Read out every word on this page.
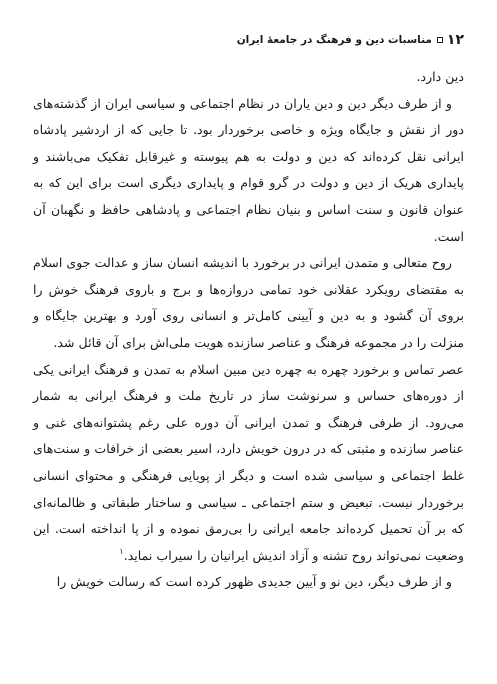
۱۲
مناسبات دین و فرهنگ در جامعهٔ ایران

دین دارد.

و از طرف دیگر دین و دین یاران در نظام اجتماعی و سیاسی ایران از گذشته‌های دور از نقش و جایگاه ویژه و خاصی برخوردار بود. تا جایی که از اردشیر پادشاه ایرانی نقل کرده‌اند که دین و دولت به هم پیوسته و غیرقابل تفکیک می‌باشند و پایداری هریک از دین و دولت در گرو قوام و پایداری دیگری است برای این که به عنوان قانون و سنت اساس و بنیان نظام اجتماعی و پادشاهی حافظ و نگهبان آن است.

روح متعالی و متمدن ایرانی در برخورد با اندیشه انسان ساز و عدالت جوی اسلام به مقتضای رویکرد عقلانی خود تمامی دروازه‌ها و برج و باروی فرهنگ خوش را بروی آن گشود و به دین و آیینی کامل‌تر و انسانی روی آورد و بهترین جایگاه و منزلت را در مجموعه فرهنگ و عناصر سازنده هویت ملی‌اش برای آن قائل شد.

عصر تماس و برخورد چهره به چهره دین مبین اسلام به تمدن و فرهنگ ایرانی یکی از دوره‌های حساس و سرنوشت ساز در تاریخ ملت و فرهنگ ایرانی به شمار می‌رود. از طرفی فرهنگ و تمدن ایرانی آن دوره علی رغم پشتوانه‌های غنی و عناصر سازنده و مثبتی که در درون خویش دارد، اسیر بعضی از خرافات و سنت‌های غلط اجتماعی و سیاسی شده است و دیگر از پویایی فرهنگی و محتوای انسانی برخوردار نیست. تبعیض و ستم اجتماعی ـ سیاسی و ساختار طبقاتی و ظالمانه‌ای که بر آن تحمیل کرده‌اند جامعه ایرانی را بی‌رمق نموده و از پا انداخته است. این وضعیت نمی‌تواند روح تشنه و آزاد اندیش ایرانیان را سیراب نماید.$^۱$

و از طرف دیگر، دین نو و آیین جدیدی ظهور کرده است که رسالت خویش را
